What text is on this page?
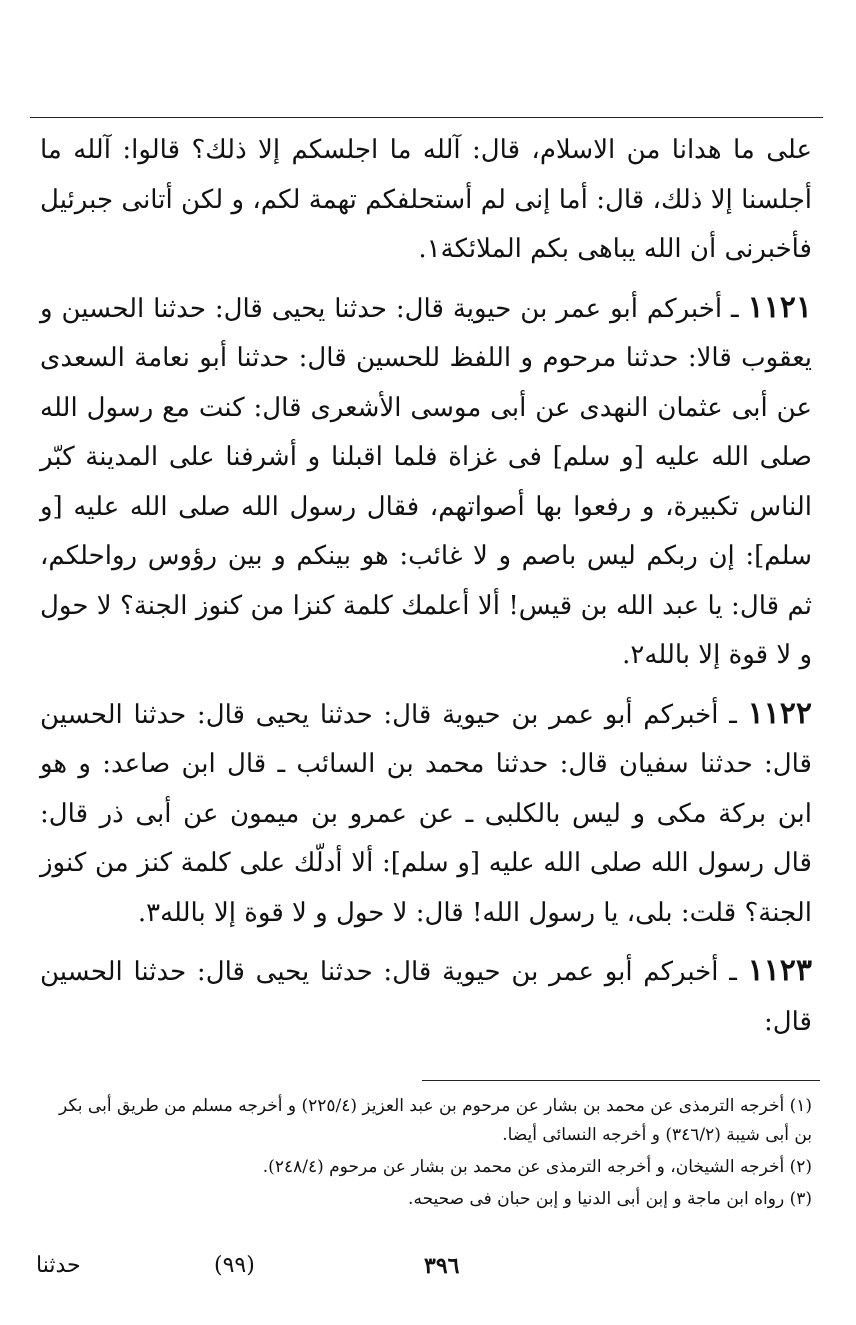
على ما هدانا من الاسلام، قال: آلله ما اجلسكم إلا ذلك؟ قالوا: آلله ما أجلسنا إلا ذلك، قال: أما إنى لم أستحلفكم تهمة لكم، و لكن أتانى جبرئيل فأخبرنى أن الله يباهى بكم الملائكة١.

١١٢١ ـ أخبركم أبو عمر بن حيوية قال: حدثنا يحيى قال: حدثنا الحسين و يعقوب قالا: حدثنا مرحوم و اللفظ للحسين قال: حدثنا أبو نعامة السعدى عن أبى عثمان النهدى عن أبى موسى الأشعرى قال: كنت مع رسول الله صلى الله عليه [و سلم] فى غزاة فلما اقبلنا و أشرفنا على المدينة كبّر الناس تكبيرة، و رفعوا بها أصواتهم، فقال رسول الله صلى الله عليه [و سلم]: إن ربكم ليس باصم و لا غائب: هو بينكم و بين رؤوس رواحلكم، ثم قال: يا عبد الله بن قيس! ألا أعلمك كلمة كنزا من كنوز الجنة؟ لا حول و لا قوة إلا بالله٢.

١١٢٢ ـ أخبركم أبو عمر بن حيوية قال: حدثنا يحيى قال: حدثنا الحسين قال: حدثنا سفيان قال: حدثنا محمد بن السائب ـ قال ابن صاعد: و هو ابن بركة مكى و ليس بالكلبى ـ عن عمرو بن ميمون عن أبى ذر قال: قال رسول الله صلى الله عليه [و سلم]: ألا أدلّك على كلمة كنز من كنوز الجنة؟ قلت: بلى، يا رسول الله! قال: لا حول و لا قوة إلا بالله٣.

١١٢٣ ـ أخبركم أبو عمر بن حيوية قال: حدثنا يحيى قال: حدثنا الحسين قال:

(١) أخرجه الترمذى عن محمد بن بشار عن مرحوم بن عبد العزيز (٢٢٥/٤) و أخرجه مسلم من طريق أبى بكر بن أبى شيبة (٣٤٦/٢) و أخرجه النسائى أيضا.

(٢) أخرجه الشيخان، و أخرجه الترمذى عن محمد بن بشار عن مرحوم (٢٤٨/٤).

(٣) رواه ابن ماجة و إبن أبى الدنيا و إبن حبان فى صحيحه.

حدثنا	(٩٩)	٣٩٦
